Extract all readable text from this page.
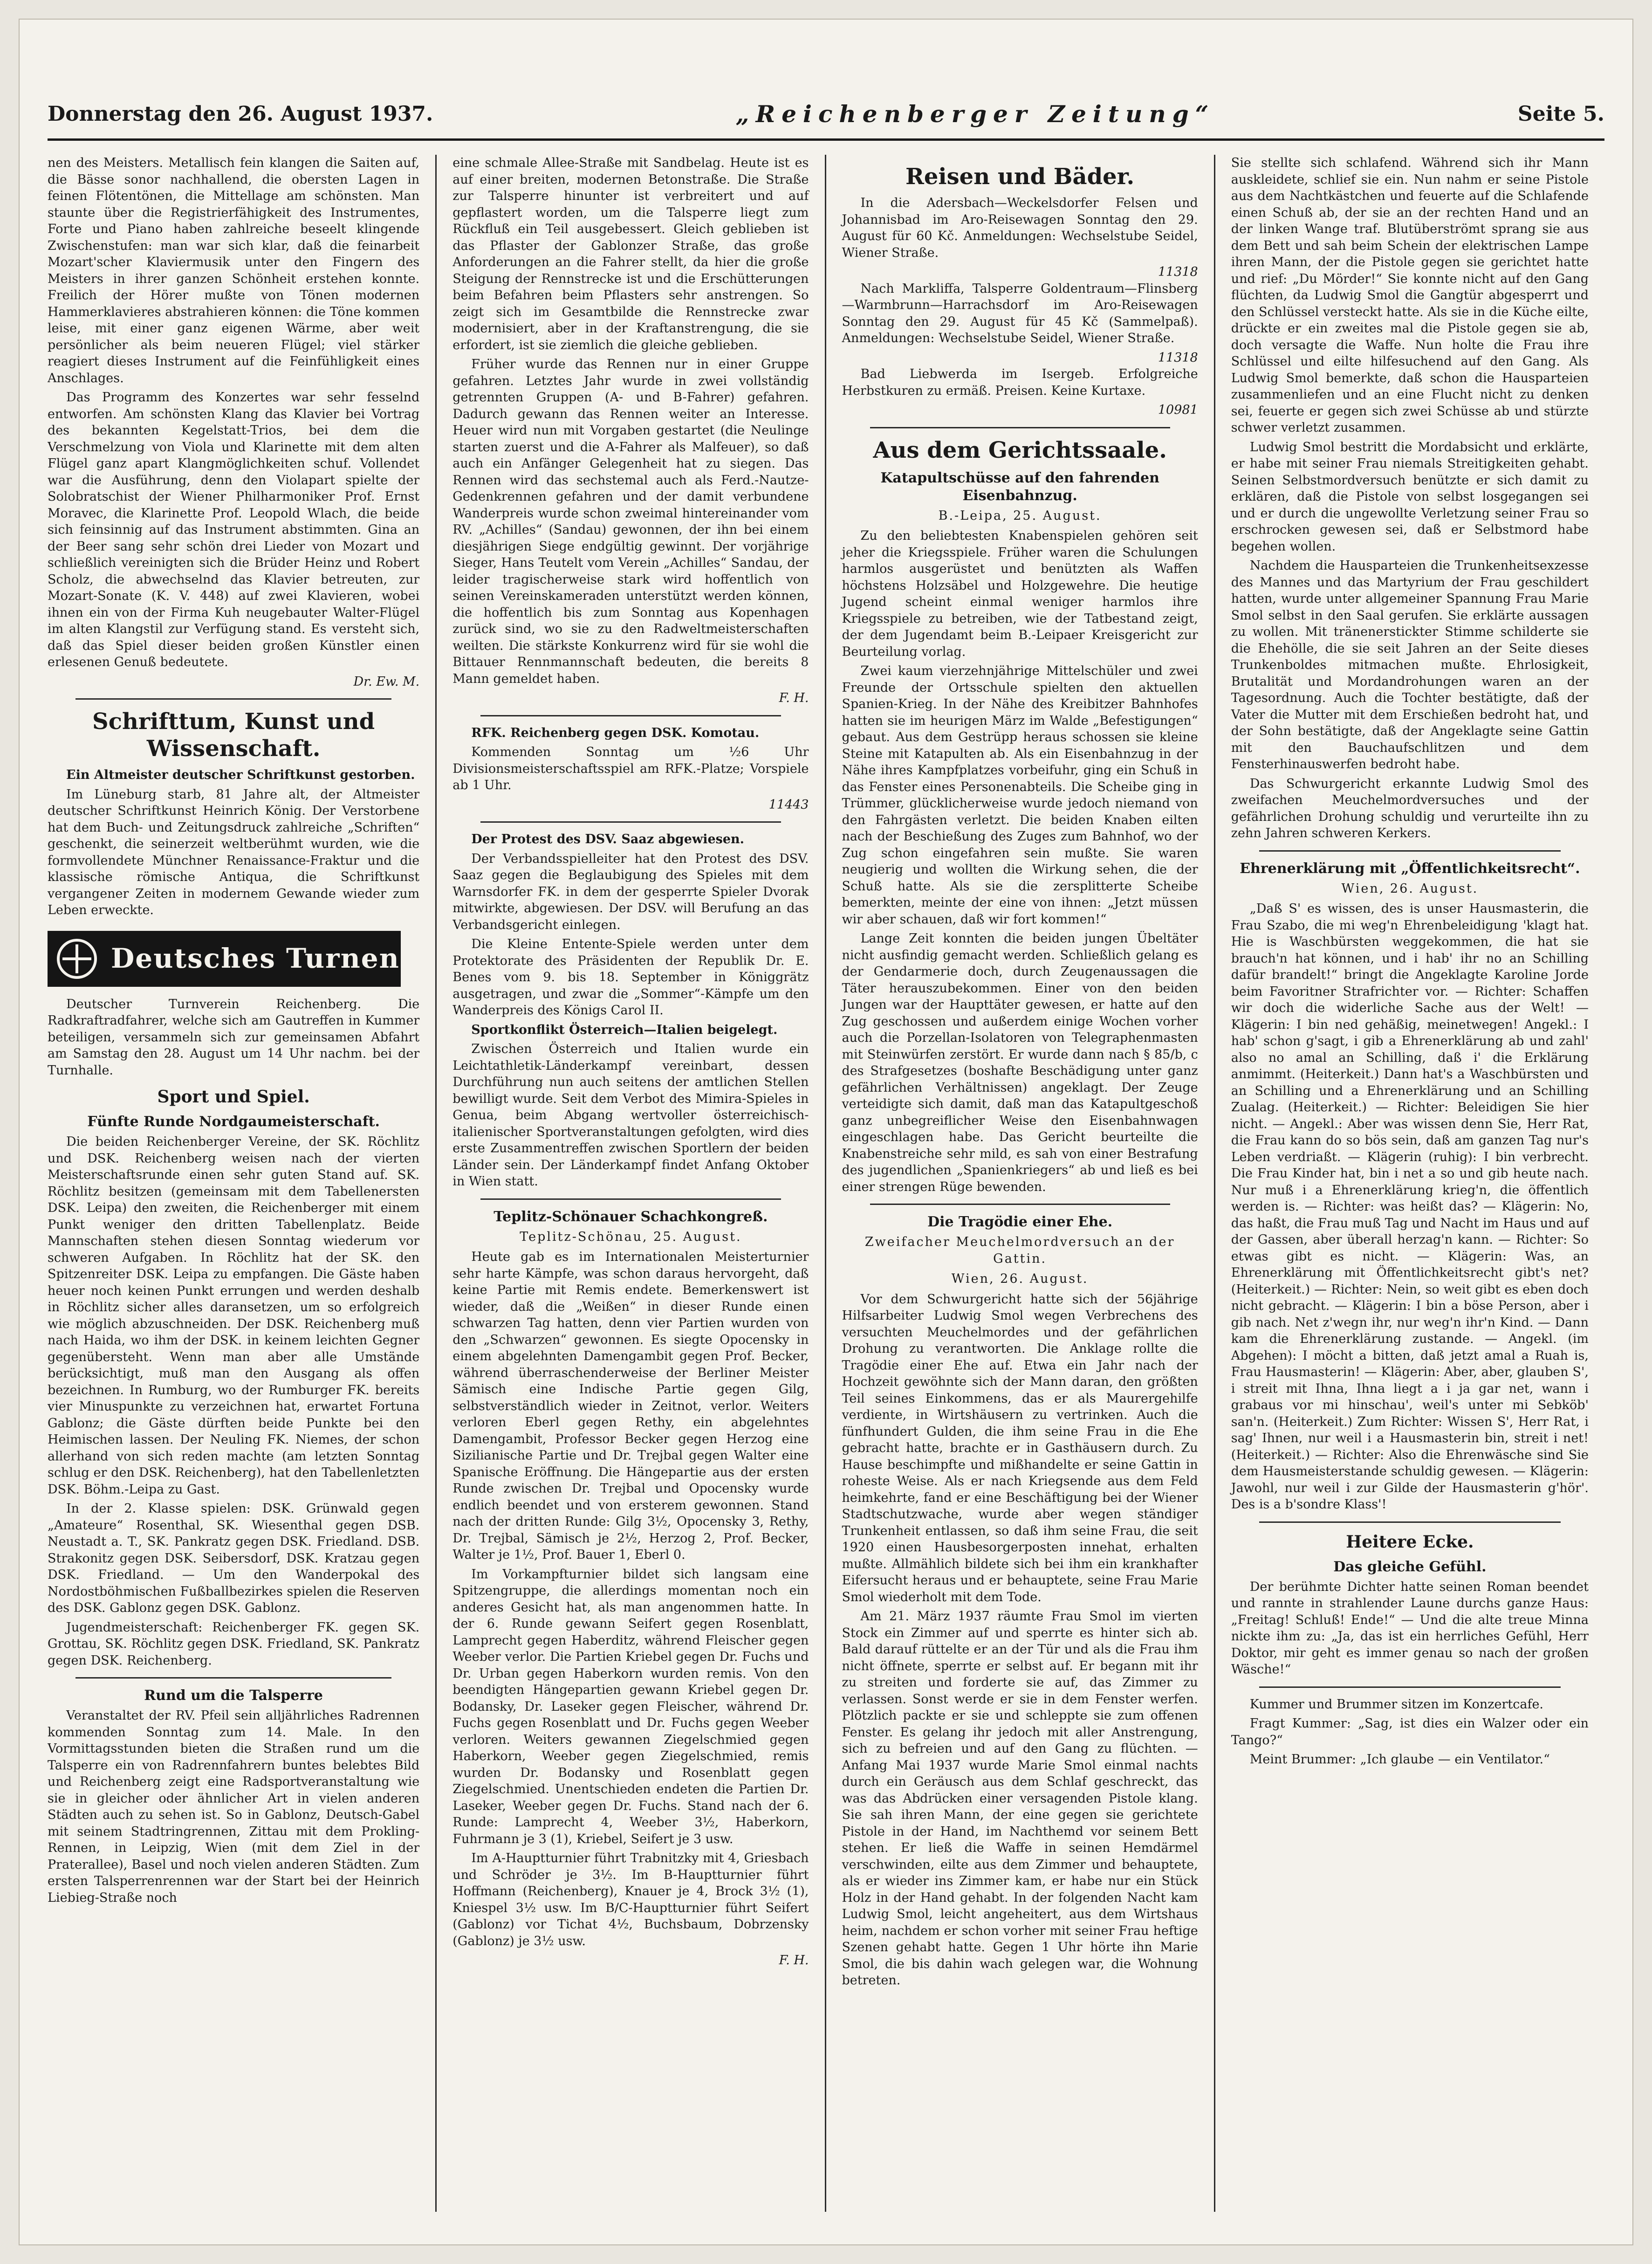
Donnerstag den 26. August 1937.	„Reichenberger Zeitung“	Seite 5.

nen des Meisters. Metallisch fein klangen die Saiten auf, die Bässe sonor nachhallend, die obersten Lagen in feinen Flötentönen, die Mittellage am schönsten. Man staunte über die Registrierfähigkeit des Instrumentes, Forte und Piano haben zahlreiche beseelt klingende Zwischenstufen: man war sich klar, daß die feinarbeit Mozart'scher Klaviermusik unter den Fingern des Meisters in ihrer ganzen Schönheit erstehen konnte. Freilich der Hörer mußte von Tönen modernen Hammerklavieres abstrahieren können: die Töne kommen leise, mit einer ganz eigenen Wärme, aber weit persönlicher als beim neueren Flügel; viel stärker reagiert dieses Instrument auf die Feinfühligkeit eines Anschlages.

Das Programm des Konzertes war sehr fesselnd entworfen. Am schönsten Klang das Klavier bei Vortrag des bekannten Kegelstatt-Trios, bei dem die Verschmelzung von Viola und Klarinette mit dem alten Flügel ganz apart Klangmöglichkeiten schuf. Vollendet war die Ausführung, denn den Violapart spielte der Solobratschist der Wiener Philharmoniker Prof. Ernst Moravec, die Klarinette Prof. Leopold Wlach, die beide sich feinsinnig auf das Instrument abstimmten. Gina an der Beer sang sehr schön drei Lieder von Mozart und schließlich vereinigten sich die Brüder Heinz und Robert Scholz, die abwechselnd das Klavier betreuten, zur Mozart-Sonate (K. V. 448) auf zwei Klavieren, wobei ihnen ein von der Firma Kuh neugebauter Walter-Flügel im alten Klangstil zur Verfügung stand. Es versteht sich, daß das Spiel dieser beiden großen Künstler einen erlesenen Genuß bedeutete.

Dr. Ew. M.
Schrifttum, Kunst und Wissenschaft.

Ein Altmeister deutscher Schriftkunst gestorben.

Im Lüneburg starb, 81 Jahre alt, der Altmeister deutscher Schriftkunst Heinrich König. Der Verstorbene hat dem Buch- und Zeitungsdruck zahlreiche „Schriften“ geschenkt, die seinerzeit weltberühmt wurden, wie die formvollendete Münchner Renaissance-Fraktur und die klassische römische Antiqua, die Schriftkunst vergangener Zeiten in modernem Gewande wieder zum Leben erweckte.

Deutsches Turnen

Deutscher Turnverein Reichenberg. Die Radkraftradfahrer, welche sich am Gautreffen in Kummer beteiligen, versammeln sich zur gemeinsamen Abfahrt am Samstag den 28. August um 14 Uhr nachm. bei der Turnhalle.

Sport und Spiel.
Fünfte Runde Nordgaumeisterschaft.

Die beiden Reichenberger Vereine, der SK. Röchlitz und DSK. Reichenberg weisen nach der vierten Meisterschaftsrunde einen sehr guten Stand auf. SK. Röchlitz besitzen (gemeinsam mit dem Tabellenersten DSK. Leipa) den zweiten, die Reichenberger mit einem Punkt weniger den dritten Tabellenplatz. Beide Mannschaften stehen diesen Sonntag wiederum vor schweren Aufgaben. In Röchlitz hat der SK. den Spitzenreiter DSK. Leipa zu empfangen. Die Gäste haben heuer noch keinen Punkt errungen und werden deshalb in Röchlitz sicher alles daransetzen, um so erfolgreich wie möglich abzuschneiden. Der DSK. Reichenberg muß nach Haida, wo ihm der DSK. in keinem leichten Gegner gegenübersteht. Wenn man aber alle Umstände berücksichtigt, muß man den Ausgang als offen bezeichnen. In Rumburg, wo der Rumburger FK. bereits vier Minuspunkte zu verzeichnen hat, erwartet Fortuna Gablonz; die Gäste dürften beide Punkte bei den Heimischen lassen. Der Neuling FK. Niemes, der schon allerhand von sich reden machte (am letzten Sonntag schlug er den DSK. Reichenberg), hat den Tabellenletzten DSK. Böhm.-Leipa zu Gast.

In der 2. Klasse spielen: DSK. Grünwald gegen „Amateure“ Rosenthal, SK. Wiesenthal gegen DSB. Neustadt a. T., SK. Pankratz gegen DSK. Friedland. DSB. Strakonitz gegen DSK. Seibersdorf, DSK. Kratzau gegen DSK. Friedland. — Um den Wanderpokal des Nordostböhmischen Fußballbezirkes spielen die Reserven des DSK. Gablonz gegen DSK. Gablonz.

Jugendmeisterschaft: Reichenberger FK. gegen SK. Grottau, SK. Röchlitz gegen DSK. Friedland, SK. Pankratz gegen DSK. Reichenberg.

Rund um die Talsperre

Veranstaltet der RV. Pfeil sein alljährliches Radrennen kommenden Sonntag zum 14. Male. In den Vormittagsstunden bieten die Straßen rund um die Talsperre ein von Radrennfahrern buntes belebtes Bild und Reichenberg zeigt eine Radsportveranstaltung wie sie in gleicher oder ähnlicher Art in vielen anderen Städten auch zu sehen ist. So in Gablonz, Deutsch-Gabel mit seinem Stadtringrennen, Zittau mit dem Prokling-Rennen, in Leipzig, Wien (mit dem Ziel in der Praterallee), Basel und noch vielen anderen Städten. Zum ersten Talsperrenrennen war der Start bei der Heinrich Liebieg-Straße noch

eine schmale Allee-Straße mit Sandbelag. Heute ist es auf einer breiten, modernen Betonstraße. Die Straße zur Talsperre hinunter ist verbreitert und auf gepflastert worden, um die Talsperre liegt zum Rückfluß ein Teil ausgebessert. Gleich geblieben ist das Pflaster der Gablonzer Straße, das große Anforderungen an die Fahrer stellt, da hier die große Steigung der Rennstrecke ist und die Erschütterungen beim Befahren beim Pflasters sehr anstrengen. So zeigt sich im Gesamtbilde die Rennstrecke zwar modernisiert, aber in der Kraftanstrengung, die sie erfordert, ist sie ziemlich die gleiche geblieben.

Früher wurde das Rennen nur in einer Gruppe gefahren. Letztes Jahr wurde in zwei vollständig getrennten Gruppen (A- und B-Fahrer) gefahren. Dadurch gewann das Rennen weiter an Interesse. Heuer wird nun mit Vorgaben gestartet (die Neulinge starten zuerst und die A-Fahrer als Malfeuer), so daß auch ein Anfänger Gelegenheit hat zu siegen. Das Rennen wird das sechstemal auch als Ferd.-Nautze-Gedenkrennen gefahren und der damit verbundene Wanderpreis wurde schon zweimal hintereinander vom RV. „Achilles“ (Sandau) gewonnen, der ihn bei einem diesjährigen Siege endgültig gewinnt. Der vorjährige Sieger, Hans Teutelt vom Verein „Achilles“ Sandau, der leider tragischerweise stark wird hoffentlich von seinen Vereinskameraden unterstützt werden können, die hoffentlich bis zum Sonntag aus Kopenhagen zurück sind, wo sie zu den Radweltmeisterschaften weilten. Die stärkste Konkurrenz wird für sie wohl die Bittauer Rennmannschaft bedeuten, die bereits 8 Mann gemeldet haben.

F. H.

RFK. Reichenberg gegen DSK. Komotau.

Kommenden Sonntag um ½6 Uhr Divisionsmeisterschaftsspiel am RFK.-Platze; Vorspiele ab 1 Uhr.

11443

Der Protest des DSV. Saaz abgewiesen.

Der Verbandsspielleiter hat den Protest des DSV. Saaz gegen die Beglaubigung des Spieles mit dem Warnsdorfer FK. in dem der gesperrte Spieler Dvorak mitwirkte, abgewiesen. Der DSV. will Berufung an das Verbandsgericht einlegen.

Die Kleine Entente-Spiele werden unter dem Protektorate des Präsidenten der Republik Dr. E. Benes vom 9. bis 18. September in Königgrätz ausgetragen, und zwar die „Sommer“-Kämpfe um den Wanderpreis des Königs Carol II.

Sportkonflikt Österreich—Italien beigelegt.

Zwischen Österreich und Italien wurde ein Leichtathletik-Länderkampf vereinbart, dessen Durchführung nun auch seitens der amtlichen Stellen bewilligt wurde. Seit dem Verbot des Mimira-Spieles in Genua, beim Abgang wertvoller österreichisch-italienischer Sportveranstaltungen gefolgten, wird dies erste Zusammentreffen zwischen Sportlern der beiden Länder sein. Der Länderkampf findet Anfang Oktober in Wien statt.

Teplitz-Schönauer Schachkongreß.
Teplitz-Schönau, 25. August.

Heute gab es im Internationalen Meisterturnier sehr harte Kämpfe, was schon daraus hervorgeht, daß keine Partie mit Remis endete. Bemerkenswert ist wieder, daß die „Weißen“ in dieser Runde einen schwarzen Tag hatten, denn vier Partien wurden von den „Schwarzen“ gewonnen. Es siegte Opocensky in einem abgelehnten Damengambit gegen Prof. Becker, während überraschenderweise der Berliner Meister Sämisch eine Indische Partie gegen Gilg, selbstverständlich wieder in Zeitnot, verlor. Weiters verloren Eberl gegen Rethy, ein abgelehntes Damengambit, Professor Becker gegen Herzog eine Sizilianische Partie und Dr. Trejbal gegen Walter eine Spanische Eröffnung. Die Hängepartie aus der ersten Runde zwischen Dr. Trejbal und Opocensky wurde endlich beendet und von ersterem gewonnen. Stand nach der dritten Runde: Gilg 3½, Opocensky 3, Rethy, Dr. Trejbal, Sämisch je 2½, Herzog 2, Prof. Becker, Walter je 1½, Prof. Bauer 1, Eberl 0.

Im Vorkampfturnier bildet sich langsam eine Spitzengruppe, die allerdings momentan noch ein anderes Gesicht hat, als man angenommen hatte. In der 6. Runde gewann Seifert gegen Rosenblatt, Lamprecht gegen Haberditz, während Fleischer gegen Weeber verlor. Die Partien Kriebel gegen Dr. Fuchs und Dr. Urban gegen Haberkorn wurden remis. Von den beendigten Hängepartien gewann Kriebel gegen Dr. Bodansky, Dr. Laseker gegen Fleischer, während Dr. Fuchs gegen Rosenblatt und Dr. Fuchs gegen Weeber verloren. Weiters gewannen Ziegelschmied gegen Haberkorn, Weeber gegen Ziegelschmied, remis wurden Dr. Bodansky und Rosenblatt gegen Ziegelschmied. Unentschieden endeten die Partien Dr. Laseker, Weeber gegen Dr. Fuchs. Stand nach der 6. Runde: Lamprecht 4, Weeber 3½, Haberkorn, Fuhrmann je 3 (1), Kriebel, Seifert je 3 usw.

Im A-Hauptturnier führt Trabnitzky mit 4, Griesbach und Schröder je 3½. Im B-Hauptturnier führt Hoffmann (Reichenberg), Knauer je 4, Brock 3½ (1), Kniespel 3½ usw. Im B/C-Hauptturnier führt Seifert (Gablonz) vor Tichat 4½, Buchsbaum, Dobrzensky (Gablonz) je 3½ usw.

F. H.
Reisen und Bäder.

In die Adersbach—Weckelsdorfer Felsen und Johannisbad im Aro-Reisewagen Sonntag den 29. August für 60 Kč. Anmeldungen: Wechselstube Seidel, Wiener Straße.

11318

Nach Markliffa, Talsperre Goldentraum—Flinsberg—Warmbrunn—Harrachsdorf im Aro-Reisewagen Sonntag den 29. August für 45 Kč (Sammelpaß). Anmeldungen: Wechselstube Seidel, Wiener Straße.

11318

Bad Liebwerda im Isergeb. Erfolgreiche Herbstkuren zu ermäß. Preisen. Keine Kurtaxe.

10981
Aus dem Gerichtssaale.
Katapultschüsse auf den fahrenden Eisenbahnzug.
B.-Leipa, 25. August.

Zu den beliebtesten Knabenspielen gehören seit jeher die Kriegsspiele. Früher waren die Schulungen harmlos ausgerüstet und benützten als Waffen höchstens Holzsäbel und Holzgewehre. Die heutige Jugend scheint einmal weniger harmlos ihre Kriegsspiele zu betreiben, wie der Tatbestand zeigt, der dem Jugendamt beim B.-Leipaer Kreisgericht zur Beurteilung vorlag.

Zwei kaum vierzehnjährige Mittelschüler und zwei Freunde der Ortsschule spielten den aktuellen Spanien-Krieg. In der Nähe des Kreibitzer Bahnhofes hatten sie im heurigen März im Walde „Befestigungen“ gebaut. Aus dem Gestrüpp heraus schossen sie kleine Steine mit Katapulten ab. Als ein Eisenbahnzug in der Nähe ihres Kampfplatzes vorbeifuhr, ging ein Schuß in das Fenster eines Personenabteils. Die Scheibe ging in Trümmer, glücklicherweise wurde jedoch niemand von den Fahrgästen verletzt. Die beiden Knaben eilten nach der Beschießung des Zuges zum Bahnhof, wo der Zug schon eingefahren sein mußte. Sie waren neugierig und wollten die Wirkung sehen, die der Schuß hatte. Als sie die zersplitterte Scheibe bemerkten, meinte der eine von ihnen: „Jetzt müssen wir aber schauen, daß wir fort kommen!“

Lange Zeit konnten die beiden jungen Übeltäter nicht ausfindig gemacht werden. Schließlich gelang es der Gendarmerie doch, durch Zeugenaussagen die Täter herauszubekommen. Einer von den beiden Jungen war der Haupttäter gewesen, er hatte auf den Zug geschossen und außerdem einige Wochen vorher auch die Porzellan-Isolatoren von Telegraphenmasten mit Steinwürfen zerstört. Er wurde dann nach § 85/b, c des Strafgesetzes (boshafte Beschädigung unter ganz gefährlichen Verhältnissen) angeklagt. Der Zeuge verteidigte sich damit, daß man das Katapultgeschoß ganz unbegreiflicher Weise den Eisenbahnwagen eingeschlagen habe. Das Gericht beurteilte die Knabenstreiche sehr mild, es sah von einer Bestrafung des jugendlichen „Spanienkriegers“ ab und ließ es bei einer strengen Rüge bewenden.

Die Tragödie einer Ehe.
Zweifacher Meuchelmordversuch an der Gattin.
Wien, 26. August.

Vor dem Schwurgericht hatte sich der 56jährige Hilfsarbeiter Ludwig Smol wegen Verbrechens des versuchten Meuchelmordes und der gefährlichen Drohung zu verantworten. Die Anklage rollte die Tragödie einer Ehe auf. Etwa ein Jahr nach der Hochzeit gewöhnte sich der Mann daran, den größten Teil seines Einkommens, das er als Maurergehilfe verdiente, in Wirtshäusern zu vertrinken. Auch die fünfhundert Gulden, die ihm seine Frau in die Ehe gebracht hatte, brachte er in Gasthäusern durch. Zu Hause beschimpfte und mißhandelte er seine Gattin in roheste Weise. Als er nach Kriegsende aus dem Feld heimkehrte, fand er eine Beschäftigung bei der Wiener Stadtschutzwache, wurde aber wegen ständiger Trunkenheit entlassen, so daß ihm seine Frau, die seit 1920 einen Hausbesorgerposten innehat, erhalten mußte. Allmählich bildete sich bei ihm ein krankhafter Eifersucht heraus und er behauptete, seine Frau Marie Smol wiederholt mit dem Tode.

Am 21. März 1937 räumte Frau Smol im vierten Stock ein Zimmer auf und sperrte es hinter sich ab. Bald darauf rüttelte er an der Tür und als die Frau ihm nicht öffnete, sperrte er selbst auf. Er begann mit ihr zu streiten und forderte sie auf, das Zimmer zu verlassen. Sonst werde er sie in dem Fenster werfen. Plötzlich packte er sie und schleppte sie zum offenen Fenster. Es gelang ihr jedoch mit aller Anstrengung, sich zu befreien und auf den Gang zu flüchten. — Anfang Mai 1937 wurde Marie Smol einmal nachts durch ein Geräusch aus dem Schlaf geschreckt, das was das Abdrücken einer versagenden Pistole klang. Sie sah ihren Mann, der eine gegen sie gerichtete Pistole in der Hand, im Nachthemd vor seinem Bett stehen. Er ließ die Waffe in seinen Hemdärmel verschwinden, eilte aus dem Zimmer und behauptete, als er wieder ins Zimmer kam, er habe nur ein Stück Holz in der Hand gehabt. In der folgenden Nacht kam Ludwig Smol, leicht angeheitert, aus dem Wirtshaus heim, nachdem er schon vorher mit seiner Frau heftige Szenen gehabt hatte. Gegen 1 Uhr hörte ihn Marie Smol, die bis dahin wach gelegen war, die Wohnung betreten.

Sie stellte sich schlafend. Während sich ihr Mann auskleidete, schlief sie ein. Nun nahm er seine Pistole aus dem Nachtkästchen und feuerte auf die Schlafende einen Schuß ab, der sie an der rechten Hand und an der linken Wange traf. Blutüberströmt sprang sie aus dem Bett und sah beim Schein der elektrischen Lampe ihren Mann, der die Pistole gegen sie gerichtet hatte und rief: „Du Mörder!“ Sie konnte nicht auf den Gang flüchten, da Ludwig Smol die Gangtür abgesperrt und den Schlüssel versteckt hatte. Als sie in die Küche eilte, drückte er ein zweites mal die Pistole gegen sie ab, doch versagte die Waffe. Nun holte die Frau ihre Schlüssel und eilte hilfesuchend auf den Gang. Als Ludwig Smol bemerkte, daß schon die Hausparteien zusammenliefen und an eine Flucht nicht zu denken sei, feuerte er gegen sich zwei Schüsse ab und stürzte schwer verletzt zusammen.

Ludwig Smol bestritt die Mordabsicht und erklärte, er habe mit seiner Frau niemals Streitigkeiten gehabt. Seinen Selbstmordversuch benützte er sich damit zu erklären, daß die Pistole von selbst losgegangen sei und er durch die ungewollte Verletzung seiner Frau so erschrocken gewesen sei, daß er Selbstmord habe begehen wollen.

Nachdem die Hausparteien die Trunkenheitsexzesse des Mannes und das Martyrium der Frau geschildert hatten, wurde unter allgemeiner Spannung Frau Marie Smol selbst in den Saal gerufen. Sie erklärte aussagen zu wollen. Mit tränenerstickter Stimme schilderte sie die Ehehölle, die sie seit Jahren an der Seite dieses Trunkenboldes mitmachen mußte. Ehrlosigkeit, Brutalität und Mordandrohungen waren an der Tagesordnung. Auch die Tochter bestätigte, daß der Vater die Mutter mit dem Erschießen bedroht hat, und der Sohn bestätigte, daß der Angeklagte seine Gattin mit den Bauchaufschlitzen und dem Fensterhinauswerfen bedroht habe.

Das Schwurgericht erkannte Ludwig Smol des zweifachen Meuchelmordversuches und der gefährlichen Drohung schuldig und verurteilte ihn zu zehn Jahren schweren Kerkers.

Ehrenerklärung mit „Öffentlichkeitsrecht“.
Wien, 26. August.

„Daß S' es wissen, des is unser Hausmasterin, die Frau Szabo, die mi weg'n Ehrenbeleidigung 'klagt hat. Hie is Waschbürsten weggekommen, die hat sie brauch'n hat können, und i hab' ihr no an Schilling dafür brandelt!“ bringt die Angeklagte Karoline Jorde beim Favoritner Strafrichter vor. — Richter: Schaffen wir doch die widerliche Sache aus der Welt! — Klägerin: I bin ned gehäßig, meinetwegen! Angekl.: I hab' schon g'sagt, i gib a Ehrenerklärung ab und zahl' also no amal an Schilling, daß i' die Erklärung anmimmt. (Heiterkeit.) Dann hat's a Waschbürsten und an Schilling und a Ehrenerklärung und an Schilling Zualag. (Heiterkeit.) — Richter: Beleidigen Sie hier nicht. — Angekl.: Aber was wissen denn Sie, Herr Rat, die Frau kann do so bös sein, daß am ganzen Tag nur's Leben verdriaßt. — Klägerin (ruhig): I bin verbrecht. Die Frau Kinder hat, bin i net a so und gib heute nach. Nur muß i a Ehrenerklärung krieg'n, die öffentlich werden is. — Richter: was heißt das? — Klägerin: No, das haßt, die Frau muß Tag und Nacht im Haus und auf der Gassen, aber überall herzag'n kann. — Richter: So etwas gibt es nicht. — Klägerin: Was, an Ehrenerklärung mit Öffentlichkeitsrecht gibt's net? (Heiterkeit.) — Richter: Nein, so weit gibt es eben doch nicht gebracht. — Klägerin: I bin a böse Person, aber i gib nach. Net z'wegn ihr, nur weg'n ihr'n Kind. — Dann kam die Ehrenerklärung zustande. — Angekl. (im Abgehen): I möcht a bitten, daß jetzt amal a Ruah is, Frau Hausmasterin! — Klägerin: Aber, aber, glauben S', i streit mit Ihna, Ihna liegt a i ja gar net, wann i grabaus vor mi hinschau', weil's unter mi Sebköb' san'n. (Heiterkeit.) Zum Richter: Wissen S', Herr Rat, i sag' Ihnen, nur weil i a Hausmasterin bin, streit i net! (Heiterkeit.) — Richter: Also die Ehrenwäsche sind Sie dem Hausmeisterstande schuldig gewesen. — Klägerin: Jawohl, nur weil i zur Gilde der Hausmasterin g'hör'. Des is a b'sondre Klass'!

Heitere Ecke.
Das gleiche Gefühl.

Der berühmte Dichter hatte seinen Roman beendet und rannte in strahlender Laune durchs ganze Haus: „Freitag! Schluß! Ende!“ — Und die alte treue Minna nickte ihm zu: „Ja, das ist ein herrliches Gefühl, Herr Doktor, mir geht es immer genau so nach der großen Wäsche!“

Kummer und Brummer sitzen im Konzertcafe.

Fragt Kummer: „Sag, ist dies ein Walzer oder ein Tango?“

Meint Brummer: „Ich glaube — ein Ventilator.“
